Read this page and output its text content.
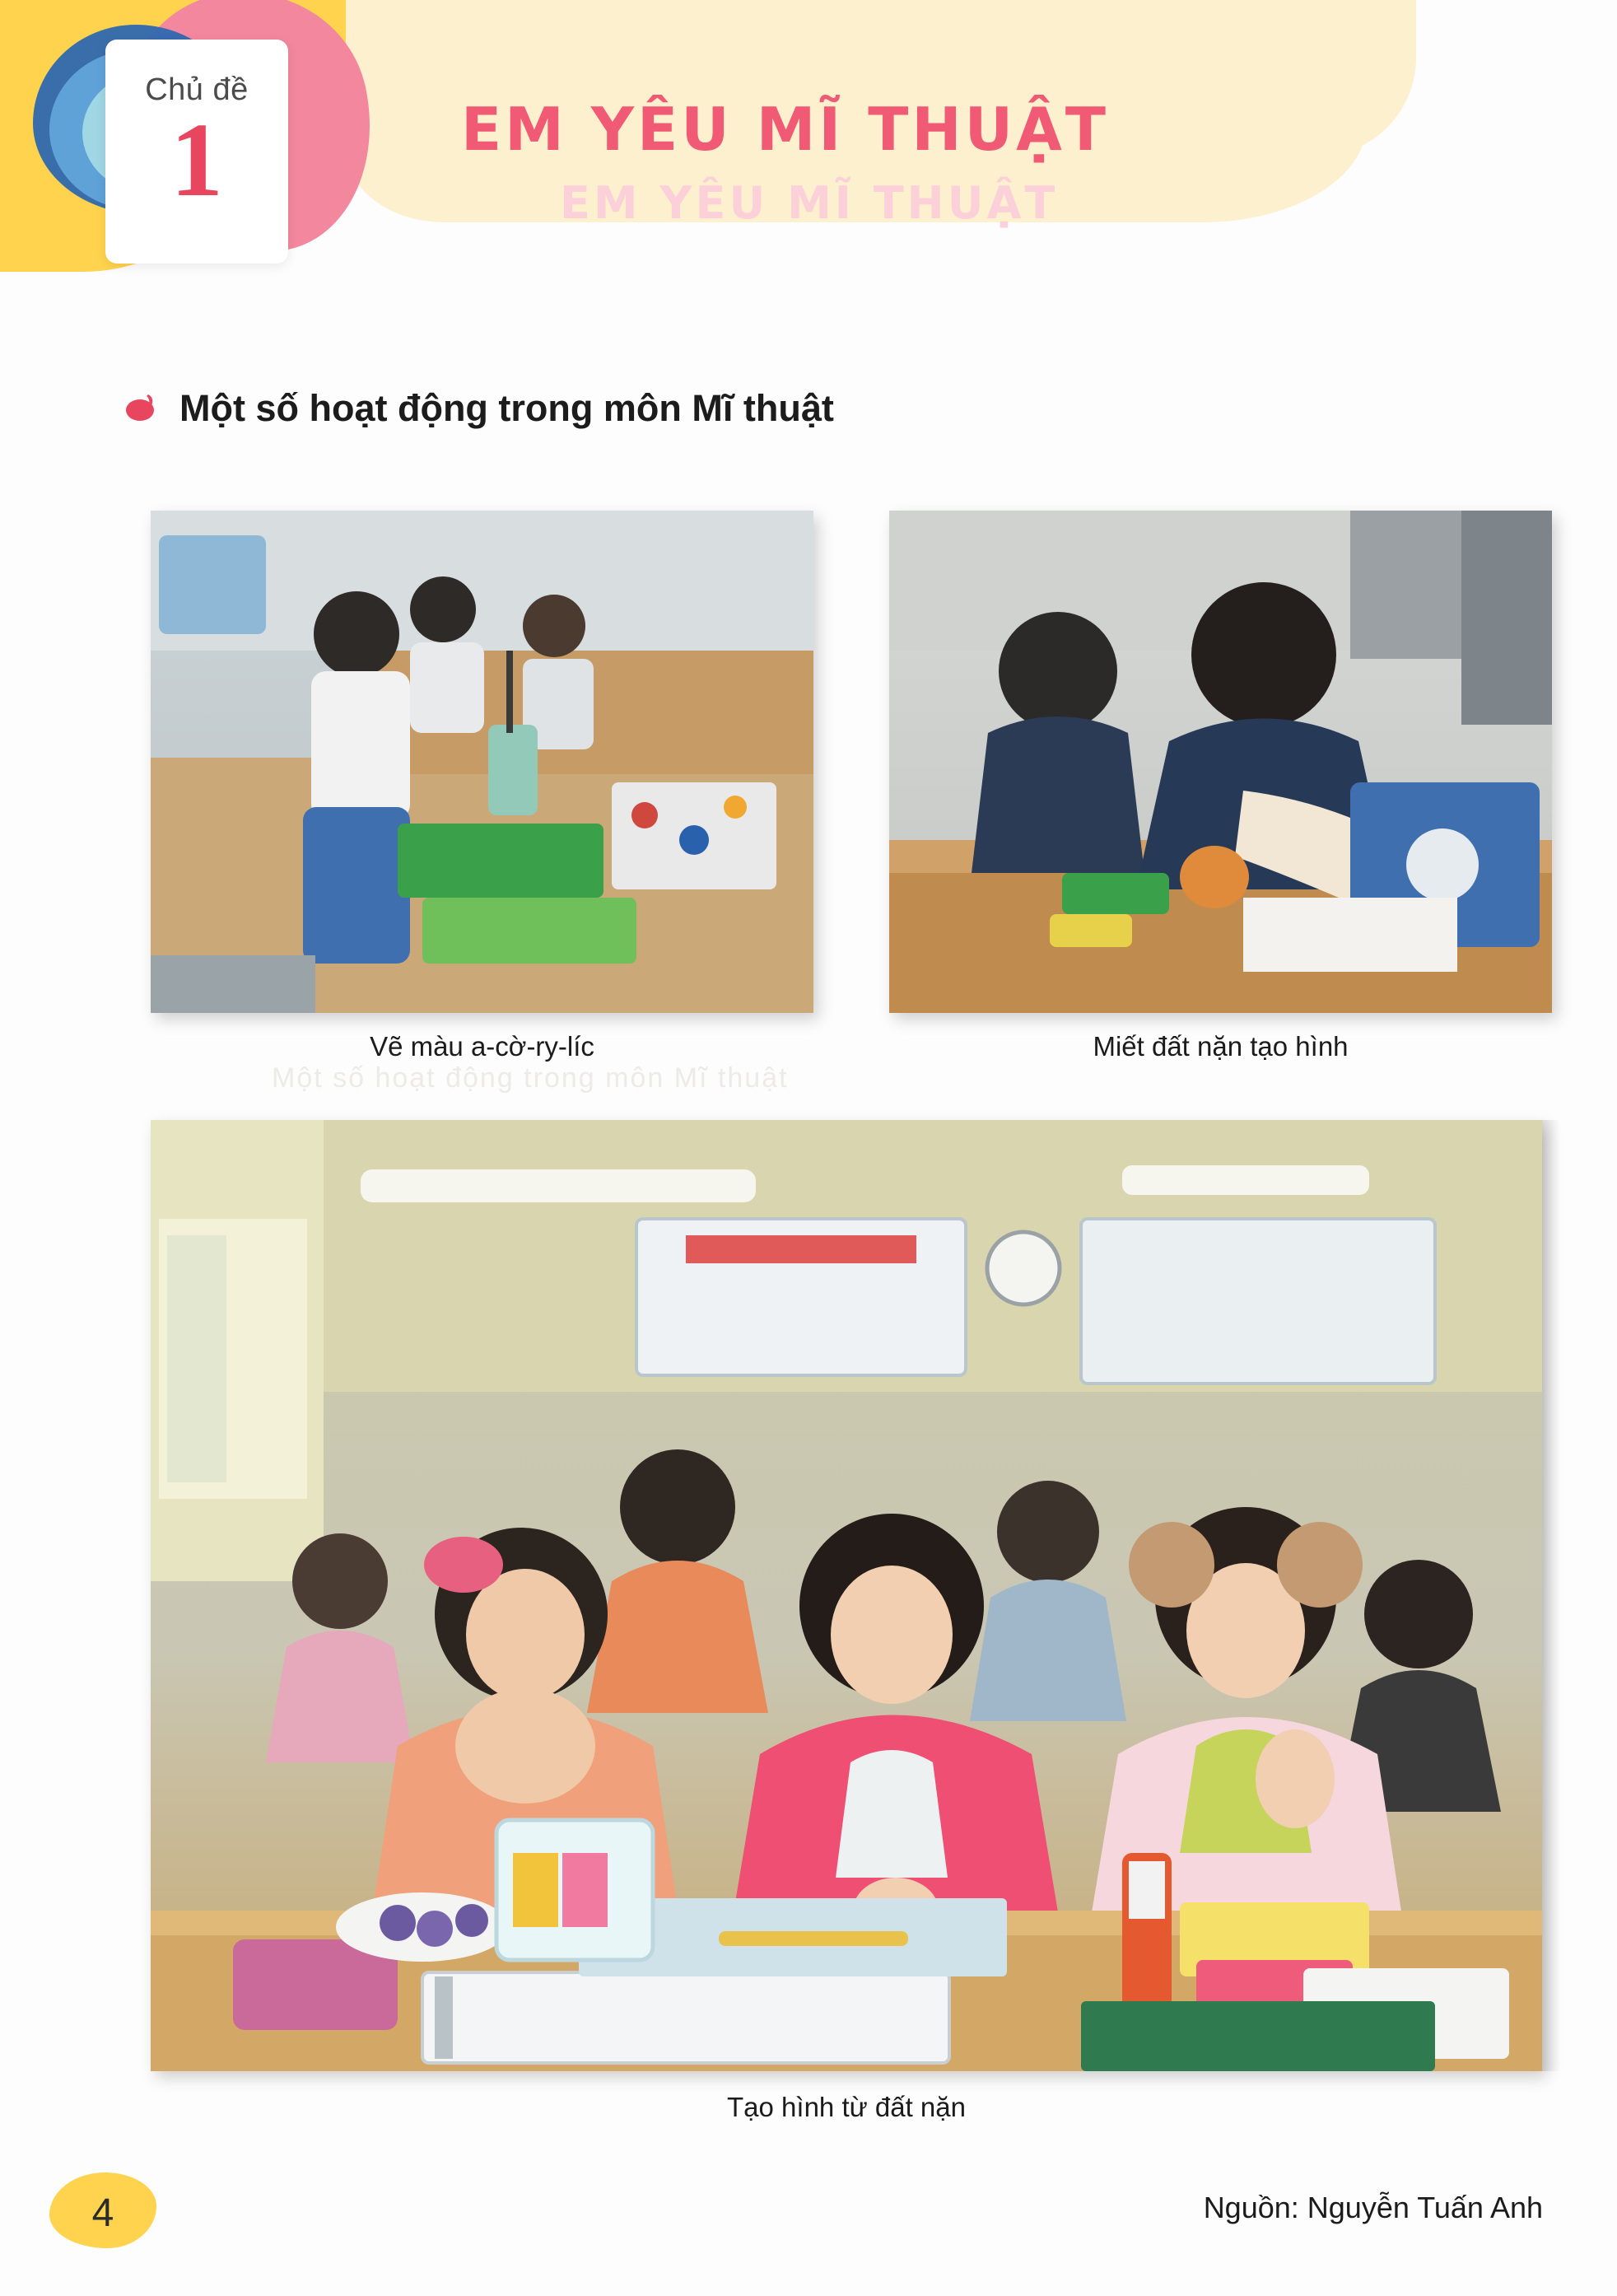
Chủ đề
1	EM YÊU MĨ THUẬT
EM YÊU MĨ THUẬT
Một số hoạt động trong môn Mĩ thuật
Một số hoạt động trong môn Mĩ thuật
Vẽ màu a-cờ-ry-líc	Miết đất nặn tạo hình
Tạo hình từ đất nặn
4	Nguồn: Nguyễn Tuấn Anh
